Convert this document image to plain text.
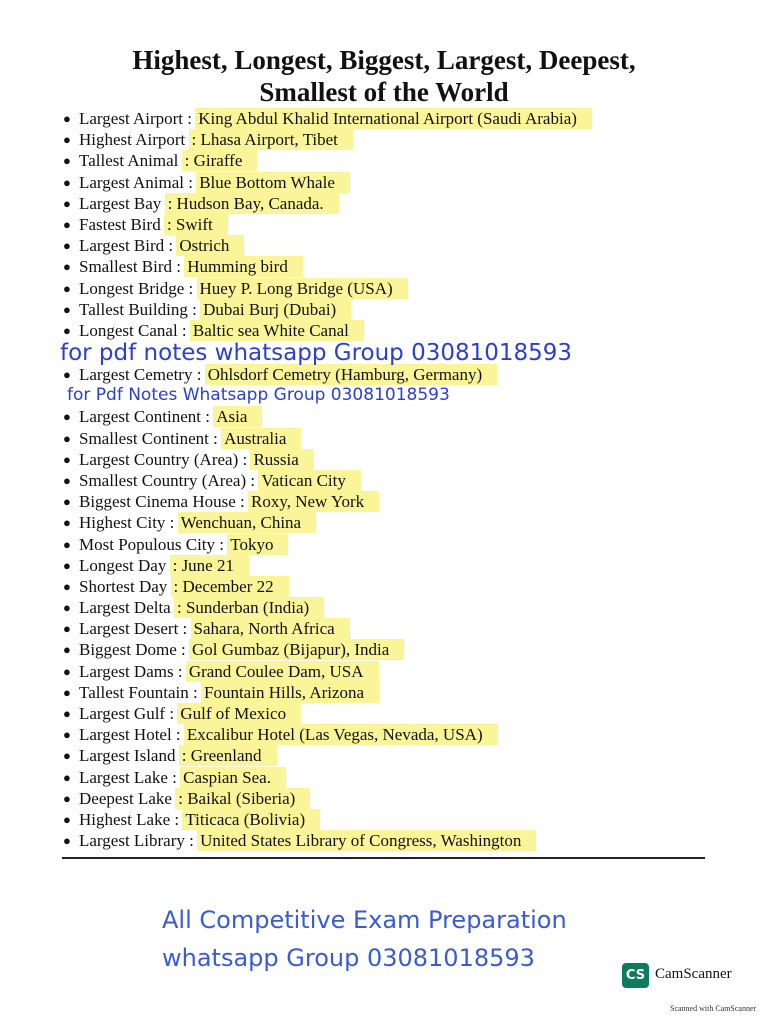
Highest, Longest, Biggest, Largest, Deepest,
Smallest of the World
● Largest Airport : King Abdul Khalid International Airport (Saudi Arabia)
● Highest Airport : Lhasa Airport, Tibet
● Tallest Animal : Giraffe
● Largest Animal : Blue Bottom Whale
● Largest Bay : Hudson Bay, Canada.
● Fastest Bird : Swift
● Largest Bird : Ostrich
● Smallest Bird : Humming bird
● Longest Bridge : Huey P. Long Bridge (USA)
● Tallest Building : Dubai Burj (Dubai)
● Longest Canal : Baltic sea White Canal
● Largest Cemetry : Ohlsdorf Cemetry (Hamburg, Germany)
● Largest Continent : Asia
● Smallest Continent : Australia
● Largest Country (Area) : Russia
● Smallest Country (Area) : Vatican City
● Biggest Cinema House : Roxy, New York
● Highest City : Wenchuan, China
● Most Populous City : Tokyo
● Longest Day : June 21
● Shortest Day : December 22
● Largest Delta : Sunderban (India)
● Largest Desert : Sahara, North Africa
● Biggest Dome : Gol Gumbaz (Bijapur), India
● Largest Dams : Grand Coulee Dam, USA
● Tallest Fountain : Fountain Hills, Arizona
● Largest Gulf : Gulf of Mexico
● Largest Hotel : Excalibur Hotel (Las Vegas, Nevada, USA)
● Largest Island : Greenland
● Largest Lake : Caspian Sea.
● Deepest Lake : Baikal (Siberia)
● Highest Lake : Titicaca (Bolivia)
● Largest Library : United States Library of Congress, Washington

for pdf notes whatsapp Group 03081018593

for Pdf Notes Whatsapp Group 03081018593

All Competitive Exam Preparation

whatsapp Group 03081018593

CS CamScanner
Scanned with CamScanner
